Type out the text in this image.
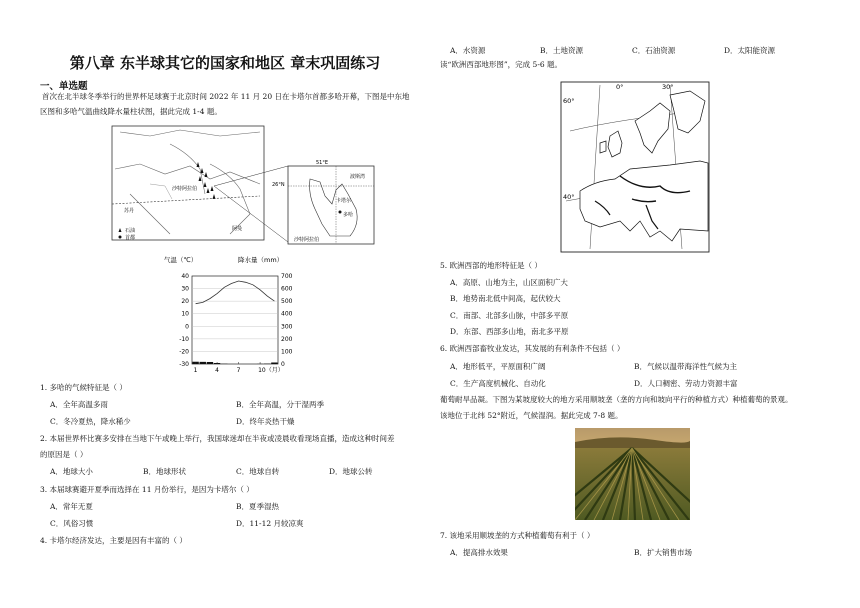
第八章 东半球其它的国家和地区 章末巩固练习
一、单选题
首次在北半球冬季举行的世界杯足球赛于北京时间 2022 年 11 月 20 日在卡塔尔首都多哈开幕，下图是中东地
区图和多哈气温曲线降水量柱状图，据此完成 1-4 题。
沙特阿拉伯
苏丹
阿曼
石油
首都
51°E
26°N
波斯湾
卡塔尔
多哈
沙特阿拉伯
气温（℃）	降水量（mm）
40
30
20
10
0
-10
-20
-30
700
600
500
400
300
200
100
0
1	4	7	10（月）
1. 多哈的气候特征是（ ）
A．全年高温多雨	B．全年高温，分干湿两季
C．冬冷夏热，降水稀少	D．终年炎热干燥
2. 本届世界杯比赛多安排在当地下午或晚上举行，我国球迷却在半夜或凌晨收看现场直播，造成这种时间差
的原因是（ ）
A．地球大小	B．地球形状	C．地球自转	D．地球公转
3. 本届球赛避开夏季而选择在 11 月份举行，是因为卡塔尔（ ）
A．常年无夏	B．夏季湿热
C．风俗习惯	D．11-12 月较凉爽
4. 卡塔尔经济发达，主要是因有丰富的（ ）
A．水资源	B．土地资源	C．石油资源	D．太阳能资源
读“欧洲西部地形图”，完成 5-6 题。
0°	30°
60°
40°
5. 欧洲西部的地形特征是（ ）
A．高原、山地为主，山区面积广大
B．地势南北低中间高，起伏较大
C．南部、北部多山脉，中部多平原
D．东部、西部多山地，南北多平原
6. 欧洲西部畜牧业发达，其发展的有利条件不包括（ ）
A．地形低平，平原面积广阔	B．气候以温带海洋性气候为主
C．生产高度机械化、自动化	D．人口稠密、劳动力资源丰富
葡萄耐旱品凝。下图为某坡度较大的地方采用顺坡垄（垄的方向和坡向平行的种植方式）种植葡萄的景观。
该地位于北纬 52°附近，气候湿润。据此完成 7-8 题。
7. 该地采用顺坡垄的方式种植葡萄有利于（ ）
A．提高排水效果	B．扩大销售市场
